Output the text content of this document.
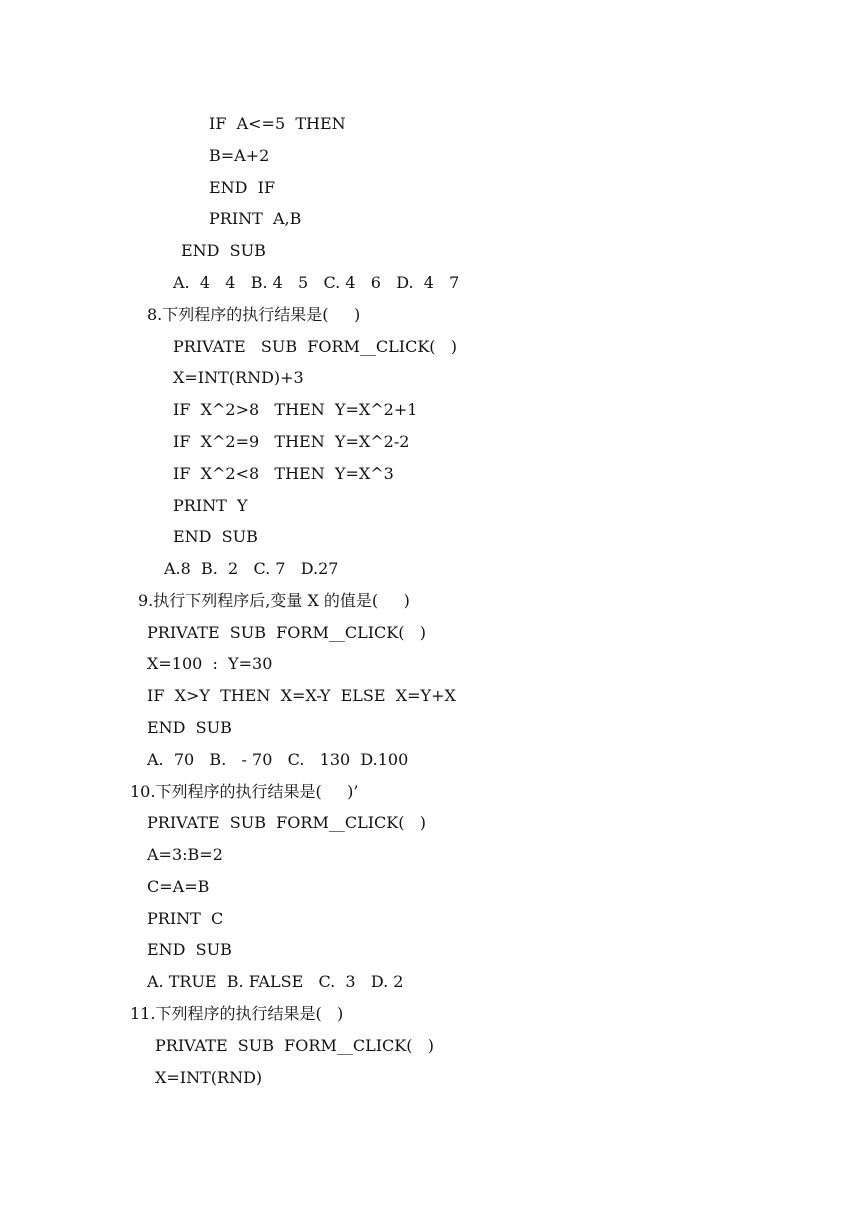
IF  A<=5  THEN
B=A+2
END  IF
PRINT  A,B
END  SUB
A.  4   4   B. 4   5   C. 4   6   D.  4   7
8.下列程序的执行结果是(     )
PRIVATE   SUB  FORM__CLICK(   )
X=INT(RND)+3
IF  X^2>8   THEN  Y=X^2+1
IF  X^2=9   THEN  Y=X^2-2
IF  X^2<8   THEN  Y=X^3
PRINT  Y
END  SUB
A.8  B.  2   C. 7   D.27
9.执行下列程序后,变量 X 的值是(     )
PRIVATE  SUB  FORM__CLICK(   )
X=100  :  Y=30
IF  X>Y  THEN  X=X-Y  ELSE  X=Y+X
END  SUB
A.  70   B.   - 70   C.   130  D.100
10.下列程序的执行结果是(     )’
PRIVATE  SUB  FORM__CLICK(   )
A=3:B=2
C=A=B
PRINT  C
END  SUB
A. TRUE  B. FALSE   C.  3   D. 2
11.下列程序的执行结果是(   )
PRIVATE  SUB  FORM__CLICK(   )
X=INT(RND)
